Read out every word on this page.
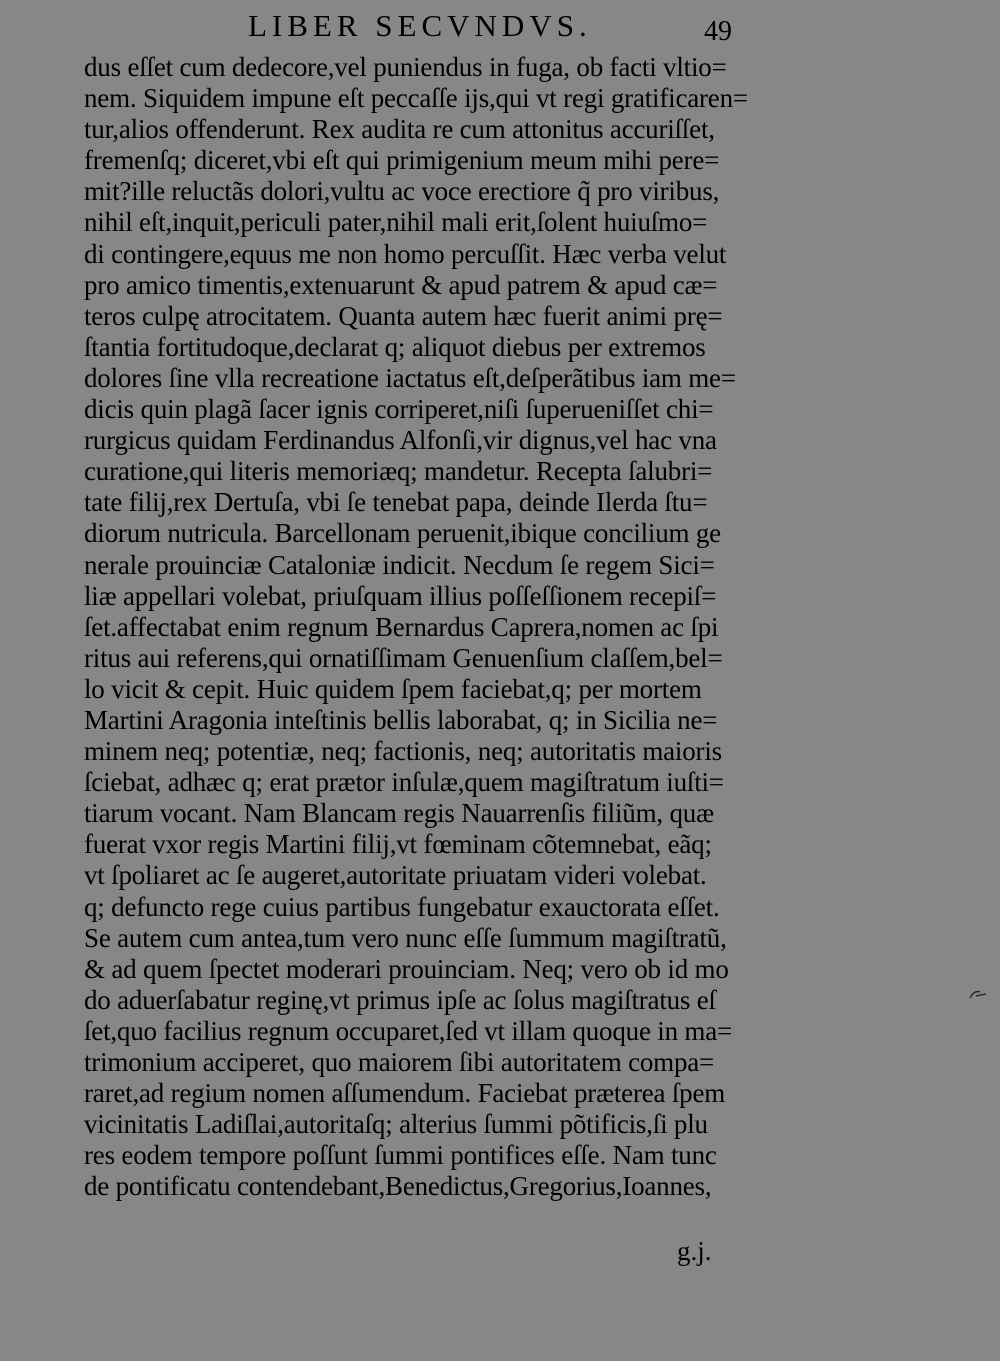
LIBER SECVNDVS.	49
dus eſſet cum dedecore,vel puniendus in fuga, ob facti vltio=
nem. Siquidem impune eſt peccaſſe ijs,qui vt regi gratificaren=
tur,alios offenderunt. Rex audita re cum attonitus accuriſſet,
fremenſq; diceret,vbi eſt qui primigenium meum mihi pere=
mit?ille reluctãs dolori,vultu ac voce erectiore q̃ pro viribus,
nihil eſt,inquit,periculi pater,nihil mali erit,ſolent huiuſmo=
di contingere,equus me non homo percuſſit. Hæc verba velut
pro amico timentis,extenuarunt & apud patrem & apud cæ=
teros culpę atrocitatem. Quanta autem hæc fuerit animi prę=
ſtantia fortitudoque,declarat q; aliquot diebus per extremos
dolores ſine vlla recreatione iactatus eſt,deſperãtibus iam me=
dicis quin plagã ſacer ignis corriperet,niſi ſuperueniſſet chi=
rurgicus quidam Ferdinandus Alfonſi,vir dignus,vel hac vna
curatione,qui literis memoriæq; mandetur. Recepta ſalubri=
tate filij,rex Dertuſa, vbi ſe tenebat papa, deinde Ilerda ſtu=
diorum nutricula. Barcellonam peruenit,ibique concilium ge
nerale prouinciæ Cataloniæ indicit. Necdum ſe regem Sici=
liæ appellari volebat, priuſquam illius poſſeſſionem recepiſ=
ſet.affectabat enim regnum Bernardus Caprera,nomen ac ſpi
ritus aui referens,qui ornatiſſimam Genuenſium claſſem,bel=
lo vicit & cepit. Huic quidem ſpem faciebat,q; per mortem
Martini Aragonia inteſtinis bellis laborabat, q; in Sicilia ne=
minem neq; potentiæ, neq; factionis, neq; autoritatis maioris
ſciebat, adhæc q; erat prætor inſulæ,quem magiſtratum iuſti=
tiarum vocant. Nam Blancam regis Nauarrenſis filiũm, quæ
fuerat vxor regis Martini filij,vt fœminam cõtemnebat, eãq;
vt ſpoliaret ac ſe augeret,autoritate priuatam videri volebat.
q; defuncto rege cuius partibus fungebatur exauctorata eſſet.
Se autem cum antea,tum vero nunc eſſe ſummum magiſtratũ,
& ad quem ſpectet moderari prouinciam. Neq; vero ob id mo
do aduerſabatur reginę,vt primus ipſe ac ſolus magiſtratus eſ
ſet,quo facilius regnum occuparet,ſed vt illam quoque in ma=
trimonium acciperet, quo maiorem ſibi autoritatem compa=
raret,ad regium nomen aſſumendum. Faciebat præterea ſpem
vicinitatis Ladiſlai,autoritaſq; alterius ſummi põtificis,ſi plu
res eodem tempore poſſunt ſummi pontifices eſſe. Nam tunc
de pontificatu contendebant,Benedictus,Gregorius,Ioannes,
g.j.
